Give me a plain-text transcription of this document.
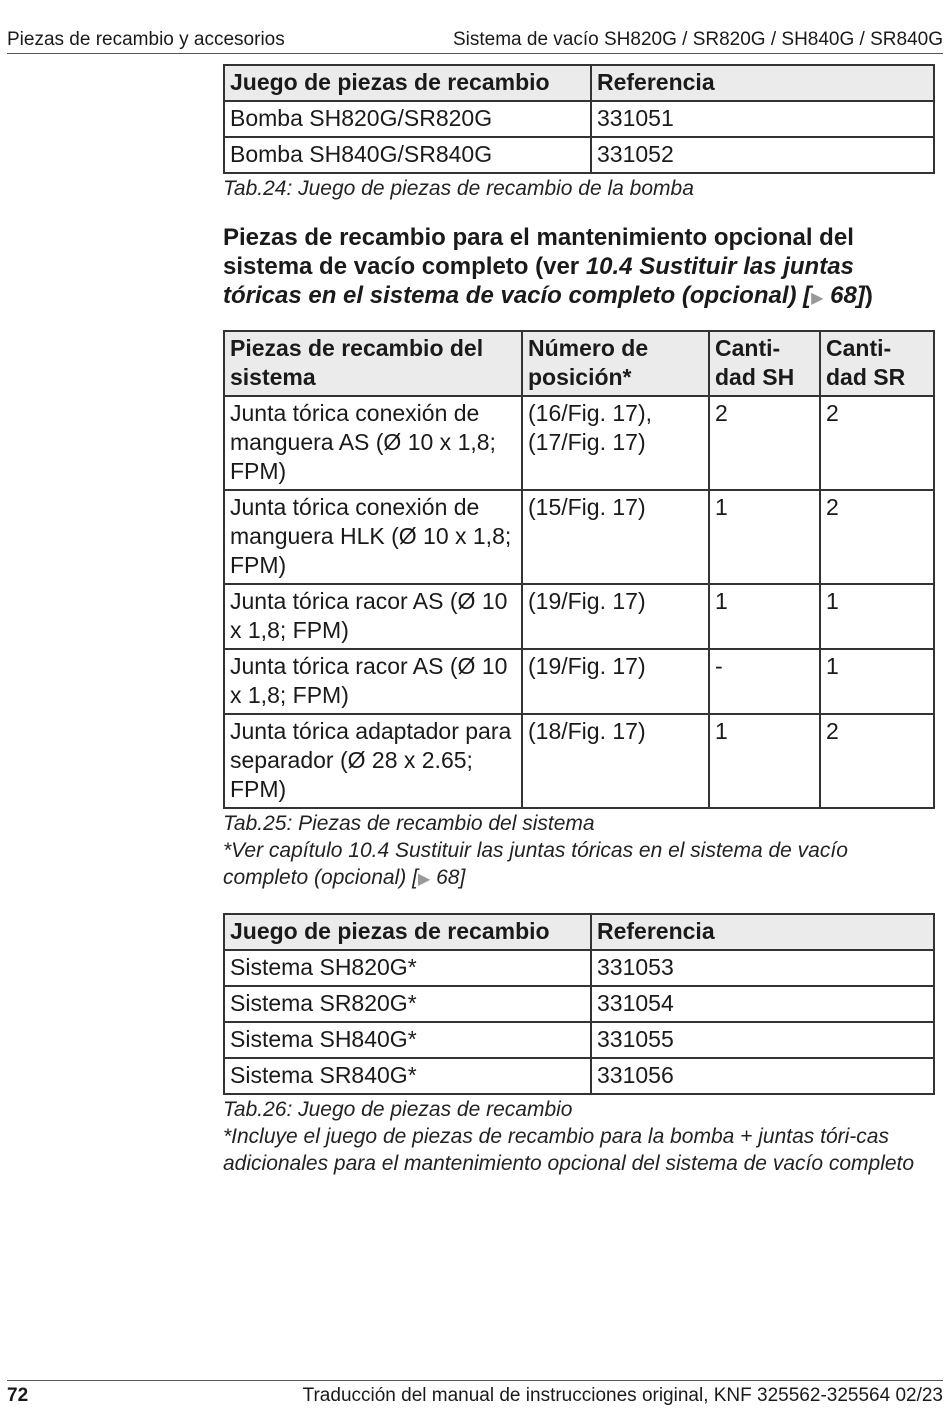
Piezas de recambio y accesorios	Sistema de vacío SH820G / SR820G / SH840G / SR840G
Juego de piezas de recambio	Referencia
Bomba SH820G/SR820G	331051
Bomba SH840G/SR840G	331052

Tab.24: Juego de piezas de recambio de la bomba

Piezas de recambio para el mantenimiento opcional del sistema de vacío completo (ver 10.4 Sustituir las juntas tóricas en el sistema de vacío completo (opcional) [▶ 68])
Piezas de recambio del sistema	Número de posición*	Canti-dad SH	Canti-dad SR
Junta tórica conexión de manguera AS (Ø 10 x 1,8; FPM)	(16/Fig. 17), (17/Fig. 17)	2	2
Junta tórica conexión de manguera HLK (Ø 10 x 1,8; FPM)	(15/Fig. 17)	1	2
Junta tórica racor AS (Ø 10 x 1,8; FPM)	(19/Fig. 17)	1	1
Junta tórica racor AS (Ø 10 x 1,8; FPM)	(19/Fig. 17)	-	1
Junta tórica adaptador para separador (Ø 28 x 2.65; FPM)	(18/Fig. 17)	1	2

Tab.25: Piezas de recambio del sistema

*Ver capítulo 10.4 Sustituir las juntas tóricas en el sistema de vacío completo (opcional) [▶ 68]

Juego de piezas de recambio	Referencia
Sistema SH820G*	331053
Sistema SR820G*	331054
Sistema SH840G*	331055
Sistema SR840G*	331056

Tab.26: Juego de piezas de recambio

*Incluye el juego de piezas de recambio para la bomba + juntas tóri-cas adicionales para el mantenimiento opcional del sistema de vacío completo

72	Traducción del manual de instrucciones original, KNF 325562-325564 02/23
